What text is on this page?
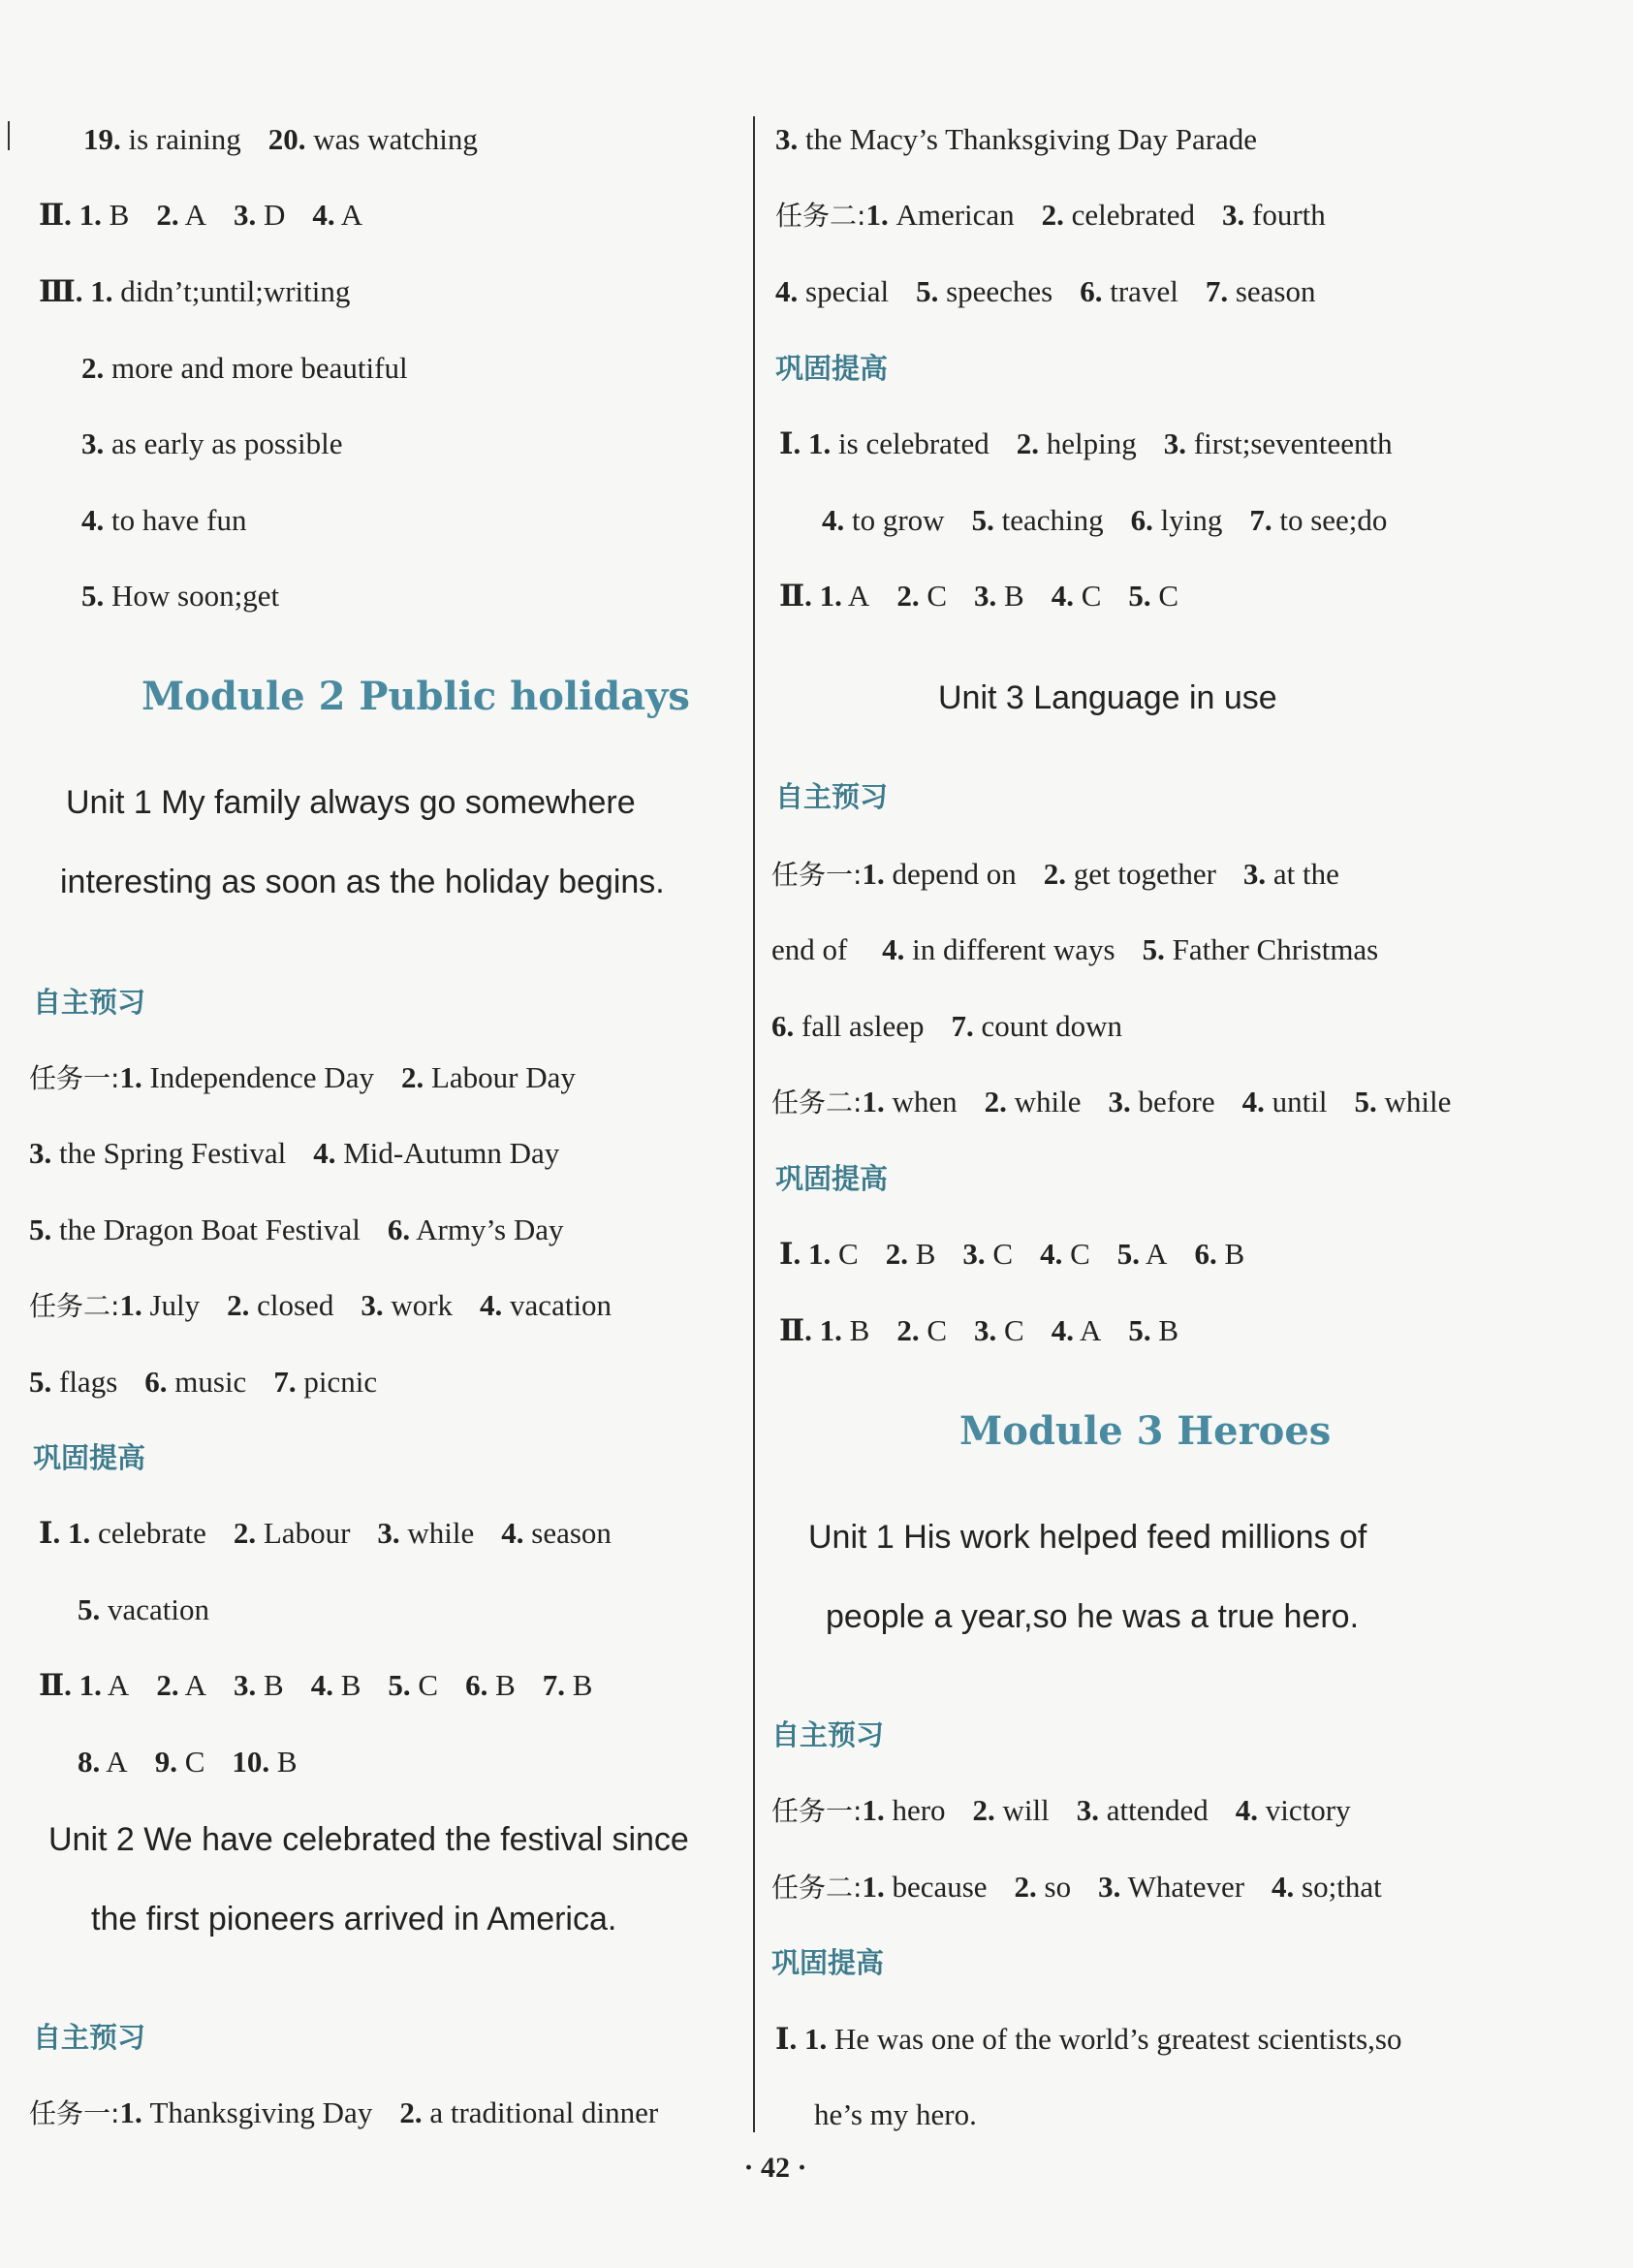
19. is raining 20. was watching
Ⅱ. 1. B 2. A 3. D 4. A
Ⅲ. 1. didn’t;until;writing
2. more and more beautiful
3. as early as possible
4. to have fun
5. How soon;get
Module 2 Public holidays
Unit 1 My family always go somewhere
interesting as soon as the holiday begins.
自主预习
任务一:1. Independence Day 2. Labour Day
3. the Spring Festival 4. Mid-Autumn Day
5. the Dragon Boat Festival 6. Army’s Day
任务二:1. July 2. closed 3. work 4. vacation
5. flags 6. music 7. picnic
巩固提高
Ⅰ. 1. celebrate 2. Labour 3. while 4. season
5. vacation
Ⅱ. 1. A 2. A 3. B 4. B 5. C 6. B 7. B
8. A 9. C 10. B
Unit 2 We have celebrated the festival since
the first pioneers arrived in America.
自主预习
任务一:1. Thanksgiving Day 2. a traditional dinner
3. the Macy’s Thanksgiving Day Parade
任务二:1. American 2. celebrated 3. fourth
4. special 5. speeches 6. travel 7. season
巩固提高
Ⅰ. 1. is celebrated 2. helping 3. first;seventeenth
4. to grow 5. teaching 6. lying 7. to see;do
Ⅱ. 1. A 2. C 3. B 4. C 5. C
Unit 3 Language in use
自主预习
任务一:1. depend on 2. get together 3. at the
end of 4. in different ways 5. Father Christmas
6. fall asleep 7. count down
任务二:1. when 2. while 3. before 4. until 5. while
巩固提高
Ⅰ. 1. C 2. B 3. C 4. C 5. A 6. B
Ⅱ. 1. B 2. C 3. C 4. A 5. B
Module 3 Heroes
Unit 1 His work helped feed millions of
people a year,so he was a true hero.
自主预习
任务一:1. hero 2. will 3. attended 4. victory
任务二:1. because 2. so 3. Whatever 4. so;that
巩固提高
Ⅰ. 1. He was one of the world’s greatest scientists,so
he’s my hero.
· 42 ·
